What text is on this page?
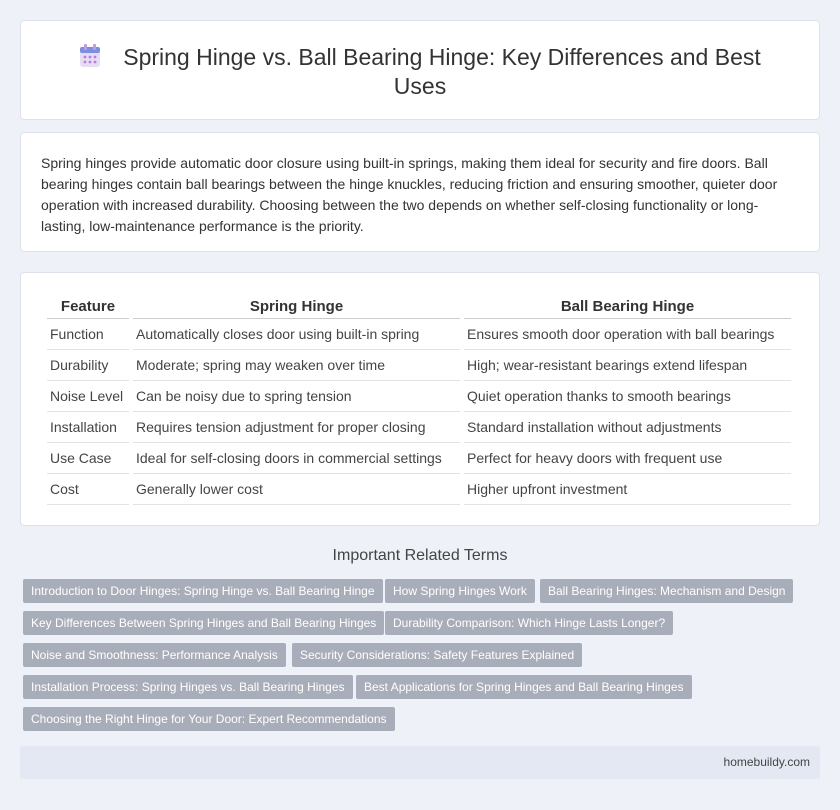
Spring Hinge vs. Ball Bearing Hinge: Key Differences and Best Uses

Spring hinges provide automatic door closure using built-in springs, making them ideal for security and fire doors. Ball bearing hinges contain ball bearings between the hinge knuckles, reducing friction and ensuring smoother, quieter door operation with increased durability. Choosing between the two depends on whether self-closing functionality or long-lasting, low-maintenance performance is the priority.

Feature	Spring Hinge	Ball Bearing Hinge
Function	Automatically closes door using built-in spring	Ensures smooth door operation with ball bearings
Durability	Moderate; spring may weaken over time	High; wear-resistant bearings extend lifespan
Noise Level	Can be noisy due to spring tension	Quiet operation thanks to smooth bearings
Installation	Requires tension adjustment for proper closing	Standard installation without adjustments
Use Case	Ideal for self-closing doors in commercial settings	Perfect for heavy doors with frequent use
Cost	Generally lower cost	Higher upfront investment
Important Related Terms
Introduction to Door Hinges: Spring Hinge vs. Ball Bearing Hinge	How Spring Hinges Work	Ball Bearing Hinges: Mechanism and Design
Key Differences Between Spring Hinges and Ball Bearing Hinges	Durability Comparison: Which Hinge Lasts Longer?
Noise and Smoothness: Performance Analysis	Security Considerations: Safety Features Explained
Installation Process: Spring Hinges vs. Ball Bearing Hinges	Best Applications for Spring Hinges and Ball Bearing Hinges
Choosing the Right Hinge for Your Door: Expert Recommendations
homebuildy.com
